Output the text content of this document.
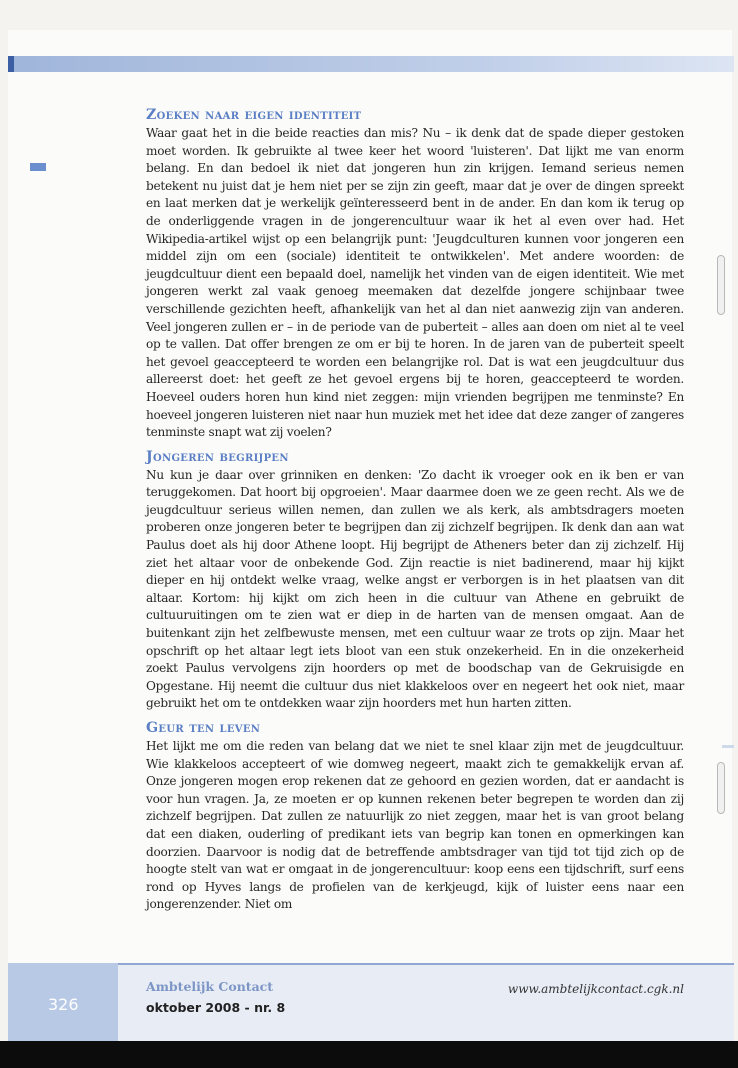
Zoeken naar eigen identiteit

Waar gaat het in die beide reacties dan mis? Nu – ik denk dat de spade dieper gestoken moet worden. Ik gebruikte al twee keer het woord 'luisteren'. Dat lijkt me van enorm belang. En dan bedoel ik niet dat jongeren hun zin krijgen. Iemand serieus nemen betekent nu juist dat je hem niet per se zijn zin geeft, maar dat je over de dingen spreekt en laat merken dat je werkelijk geïnteresseerd bent in de ander. En dan kom ik terug op de onderliggende vragen in de jongerencultuur waar ik het al even over had. Het Wikipedia-artikel wijst op een belangrijk punt: 'Jeugdculturen kunnen voor jongeren een middel zijn om een (sociale) identiteit te ontwikkelen'. Met andere woorden: de jeugdcultuur dient een bepaald doel, namelijk het vinden van de eigen identiteit. Wie met jongeren werkt zal vaak genoeg meemaken dat dezelfde jongere schijnbaar twee verschillende gezichten heeft, afhankelijk van het al dan niet aanwezig zijn van anderen. Veel jongeren zullen er – in de periode van de puberteit – alles aan doen om niet al te veel op te vallen. Dat offer brengen ze om er bij te horen. In de jaren van de puberteit speelt het gevoel geaccepteerd te worden een belangrijke rol. Dat is wat een jeugdcultuur dus allereerst doet: het geeft ze het gevoel ergens bij te horen, geaccepteerd te worden. Hoeveel ouders horen hun kind niet zeggen: mijn vrienden begrijpen me tenminste? En hoeveel jongeren luisteren niet naar hun muziek met het idee dat deze zanger of zangeres tenminste snapt wat zij voelen?

Jongeren begrijpen

Nu kun je daar over grinniken en denken: 'Zo dacht ik vroeger ook en ik ben er van teruggekomen. Dat hoort bij opgroeien'. Maar daarmee doen we ze geen recht. Als we de jeugdcultuur serieus willen nemen, dan zullen we als kerk, als ambtsdragers moeten proberen onze jongeren beter te begrijpen dan zij zichzelf begrijpen. Ik denk dan aan wat Paulus doet als hij door Athene loopt. Hij begrijpt de Atheners beter dan zij zichzelf. Hij ziet het altaar voor de onbekende God. Zijn reactie is niet badinerend, maar hij kijkt dieper en hij ontdekt welke vraag, welke angst er verborgen is in het plaatsen van dit altaar. Kortom: hij kijkt om zich heen in die cultuur van Athene en gebruikt de cultuuruitingen om te zien wat er diep in de harten van de mensen omgaat. Aan de buitenkant zijn het zelfbewuste mensen, met een cultuur waar ze trots op zijn. Maar het opschrift op het altaar legt iets bloot van een stuk onzekerheid. En in die onzekerheid zoekt Paulus vervolgens zijn hoorders op met de boodschap van de Gekruisigde en Opgestane. Hij neemt die cultuur dus niet klakkeloos over en negeert het ook niet, maar gebruikt het om te ontdekken waar zijn hoorders met hun harten zitten.

Geur ten leven

Het lijkt me om die reden van belang dat we niet te snel klaar zijn met de jeugdcultuur. Wie klakkeloos accepteert of wie domweg negeert, maakt zich te gemakkelijk ervan af. Onze jongeren mogen erop rekenen dat ze gehoord en gezien worden, dat er aandacht is voor hun vragen. Ja, ze moeten er op kunnen rekenen beter begrepen te worden dan zij zichzelf begrijpen. Dat zullen ze natuurlijk zo niet zeggen, maar het is van groot belang dat een diaken, ouderling of predikant iets van begrip kan tonen en opmerkingen kan doorzien. Daarvoor is nodig dat de betreffende ambtsdrager van tijd tot tijd zich op de hoogte stelt van wat er omgaat in de jongerencultuur: koop eens een tijdschrift, surf eens rond op Hyves langs de profielen van de kerkjeugd, kijk of luister eens naar een jongerenzender. Niet om

326
Ambtelijk Contact
oktober 2008 - nr. 8
www.ambtelijkcontact.cgk.nl
